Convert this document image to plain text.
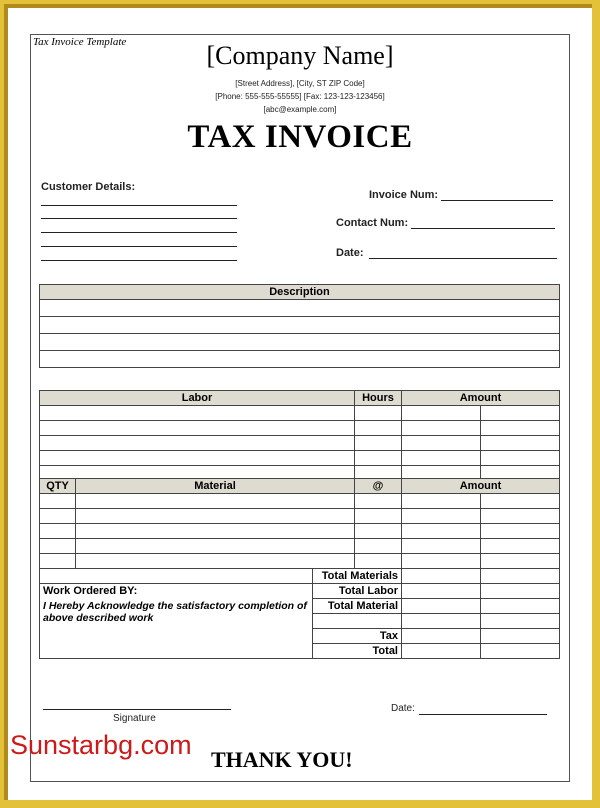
Tax Invoice Template	[Company Name]
[Street Address], [City, ST ZIP Code]
[Phone: 555-555-55555] [Fax: 123-123-123456]
[abc@example.com]
TAX INVOICE
Customer Details:
Invoice Num:
Contact Num:
Date:
Description

Labor	Hours	Amount	

QTY	Material	@	Amount	

	Total Materials		
Work Ordered BY:	Total Labor		
I Hereby Acknowledge the satisfactory completion of above described work	Total Material		

	Tax		
	Total		
Signature
Date:
THANK YOU!
Sunstarbg.com
